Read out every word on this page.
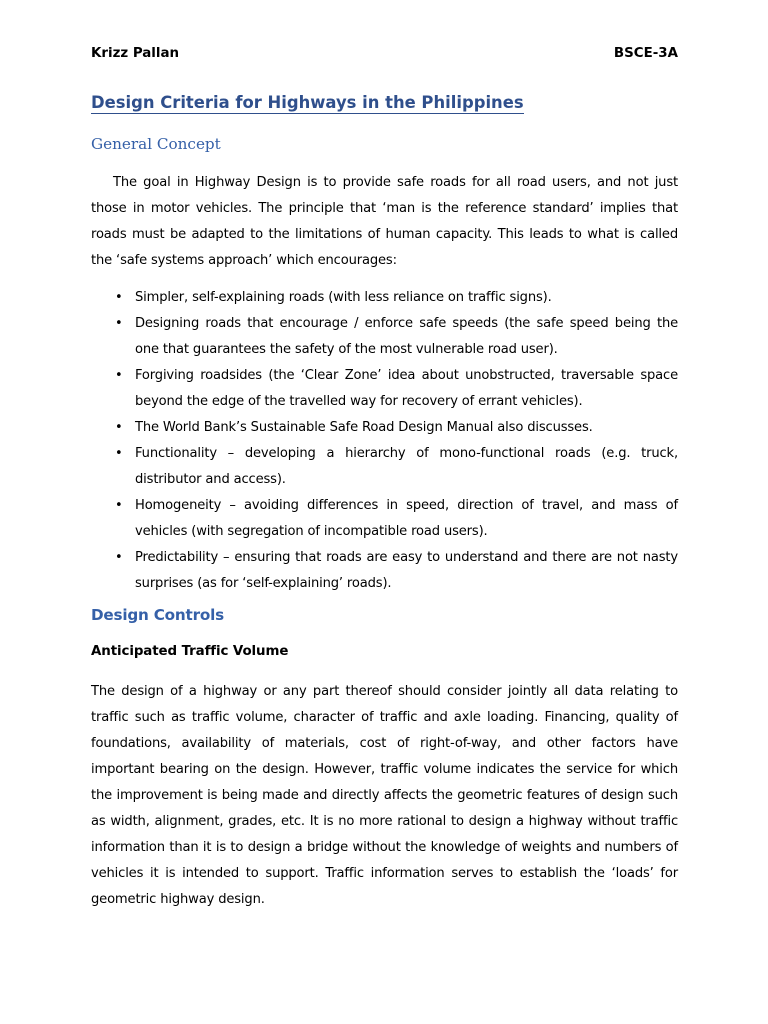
Krizz Pallan	BSCE-3A
Design Criteria for Highways in the Philippines
General Concept
The goal in Highway Design is to provide safe roads for all road users, and not just those in motor vehicles. The principle that ‘man is the reference standard’ implies that roads must be adapted to the limitations of human capacity. This leads to what is called the ‘safe systems approach’ which encourages:
• Simpler, self-explaining roads (with less reliance on traffic signs).
• Designing roads that encourage / enforce safe speeds (the safe speed being the one that guarantees the safety of the most vulnerable road user).
• Forgiving roadsides (the ‘Clear Zone’ idea about unobstructed, traversable space beyond the edge of the travelled way for recovery of errant vehicles).
• The World Bank’s Sustainable Safe Road Design Manual also discusses.
• Functionality – developing a hierarchy of mono-functional roads (e.g. truck, distributor and access).
• Homogeneity – avoiding differences in speed, direction of travel, and mass of vehicles (with segregation of incompatible road users).
• Predictability – ensuring that roads are easy to understand and there are not nasty surprises (as for ‘self-explaining’ roads).
Design Controls
Anticipated Traffic Volume
The design of a highway or any part thereof should consider jointly all data relating to traffic such as traffic volume, character of traffic and axle loading. Financing, quality of foundations, availability of materials, cost of right-of-way, and other factors have important bearing on the design. However, traffic volume indicates the service for which the improvement is being made and directly affects the geometric features of design such as width, alignment, grades, etc. It is no more rational to design a highway without traffic information than it is to design a bridge without the knowledge of weights and numbers of vehicles it is intended to support. Traffic information serves to establish the ‘loads’ for geometric highway design.
